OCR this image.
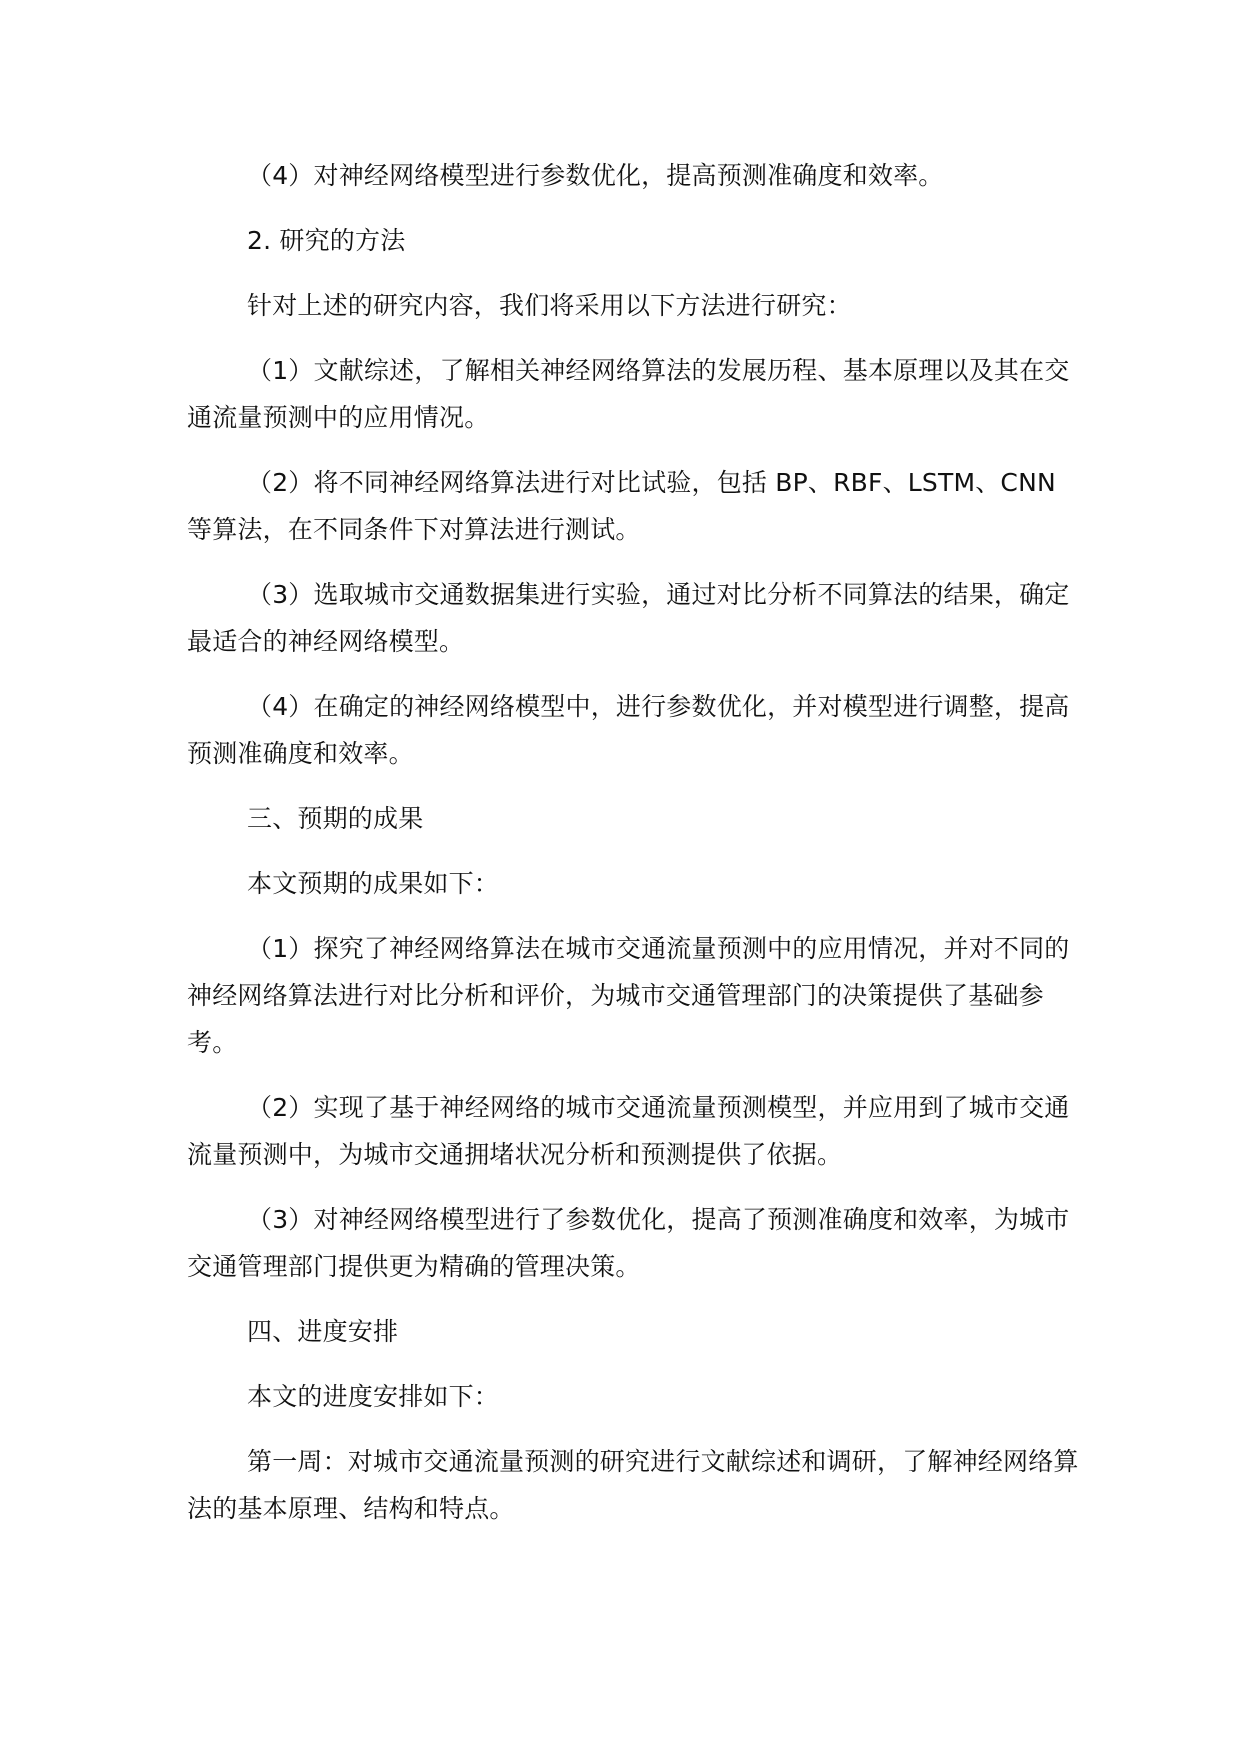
（4）对神经网络模型进行参数优化，提高预测准确度和效率。

2. 研究的方法

针对上述的研究内容，我们将采用以下方法进行研究：

（1）文献综述，了解相关神经网络算法的发展历程、基本原理以及其在交通流量预测中的应用情况。

（2）将不同神经网络算法进行对比试验，包括 BP、RBF、LSTM、CNN 等算法，在不同条件下对算法进行测试。

（3）选取城市交通数据集进行实验，通过对比分析不同算法的结果，确定最适合的神经网络模型。

（4）在确定的神经网络模型中，进行参数优化，并对模型进行调整，提高预测准确度和效率。

三、预期的成果

本文预期的成果如下：

（1）探究了神经网络算法在城市交通流量预测中的应用情况，并对不同的神经网络算法进行对比分析和评价，为城市交通管理部门的决策提供了基础参考。

（2）实现了基于神经网络的城市交通流量预测模型，并应用到了城市交通流量预测中，为城市交通拥堵状况分析和预测提供了依据。

（3）对神经网络模型进行了参数优化，提高了预测准确度和效率，为城市交通管理部门提供更为精确的管理决策。

四、进度安排

本文的进度安排如下：

第一周：对城市交通流量预测的研究进行文献综述和调研，了解神经网络算法的基本原理、结构和特点。
